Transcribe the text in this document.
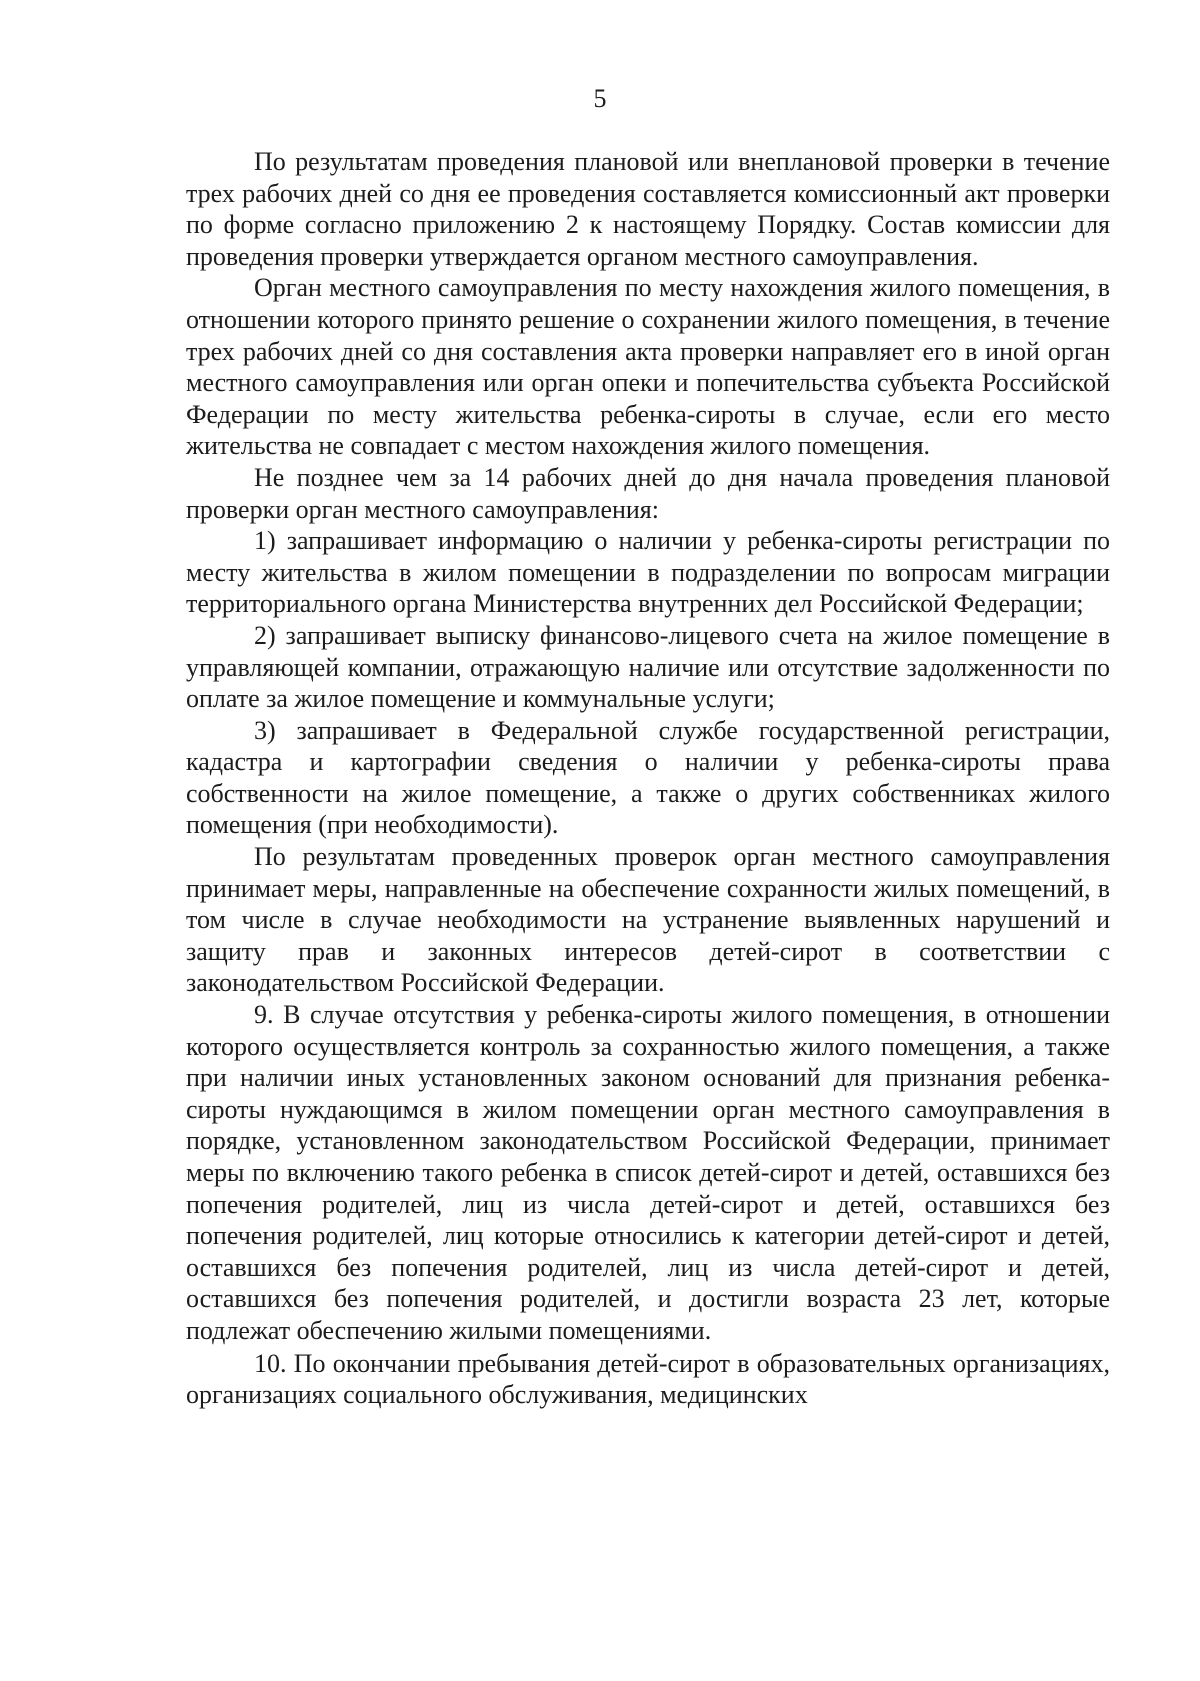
5

По результатам проведения плановой или внеплановой проверки в течение трех рабочих дней со дня ее проведения составляется комиссионный акт проверки по форме согласно приложению 2 к настоящему Порядку. Состав комиссии для проведения проверки утверждается органом местного самоуправления.

Орган местного самоуправления по месту нахождения жилого помещения, в отношении которого принято решение о сохранении жилого помещения, в течение трех рабочих дней со дня составления акта проверки направляет его в иной орган местного самоуправления или орган опеки и попечительства субъекта Российской Федерации по месту жительства ребенка-сироты в случае, если его место жительства не совпадает с местом нахождения жилого помещения.

Не позднее чем за 14 рабочих дней до дня начала проведения плановой проверки орган местного самоуправления:

1) запрашивает информацию о наличии у ребенка-сироты регистрации по месту жительства в жилом помещении в подразделении по вопросам миграции территориального органа Министерства внутренних дел Российской Федерации;

2) запрашивает выписку финансово-лицевого счета на жилое помещение в управляющей компании, отражающую наличие или отсутствие задолженности по оплате за жилое помещение и коммунальные услуги;

3) запрашивает в Федеральной службе государственной регистрации, кадастра и картографии сведения о наличии у ребенка-сироты права собственности на жилое помещение, а также о других собственниках жилого помещения (при необходимости).

По результатам проведенных проверок орган местного самоуправления принимает меры, направленные на обеспечение сохранности жилых помещений, в том числе в случае необходимости на устранение выявленных нарушений и защиту прав и законных интересов детей-сирот в соответствии с законодательством Российской Федерации.

9. В случае отсутствия у ребенка-сироты жилого помещения, в отношении которого осуществляется контроль за сохранностью жилого помещения, а также при наличии иных установленных законом оснований для признания ребенка-сироты нуждающимся в жилом помещении орган местного самоуправления в порядке, установленном законодательством Российской Федерации, принимает меры по включению такого ребенка в список детей-сирот и детей, оставшихся без попечения родителей, лиц из числа детей-сирот и детей, оставшихся без попечения родителей, лиц которые относились к категории детей-сирот и детей, оставшихся без попечения родителей, лиц из числа детей-сирот и детей, оставшихся без попечения родителей, и достигли возраста 23 лет, которые подлежат обеспечению жилыми помещениями.

10. По окончании пребывания детей-сирот в образовательных организациях, организациях социального обслуживания, медицинских
